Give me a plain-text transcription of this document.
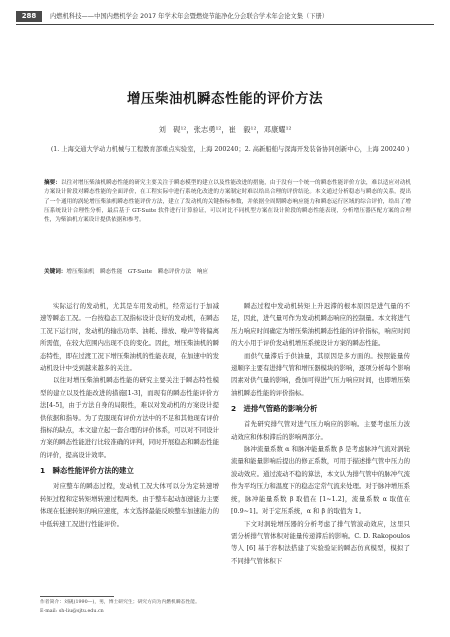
288	内燃机科技——中国内燃机学会 2017 年学术年会暨燃烧节能净化分会联合学术年会论文集（下册）
增压柴油机瞬态性能的评价方法
刘　砚¹²，张志勇¹²，崔　毅¹²，邓康耀¹²
(1. 上海交通大学动力机械与工程教育部重点实验室，上海 200240；2. 高新船舶与深海开发装备协同创新中心，上海 200240 )
摘要：以往对增压柴油机瞬态性能的研究主要关注于瞬态模型的建立以及性能改进的措施，由于没有一个统一的瞬态性能评价方法，难以适应对动机方案设计阶段对瞬态性能的全面评价，在工程实际中进行系统化改进的方案制定时难以给出合理的评价结论。本文通过分析稳态与瞬态的关系，提出了一个通用的涡轮增压柴油机瞬态性能评价方法，建立了发动机的关键指标参数，并依据全周期瞬态响应能力和瞬态运行区域的综合评价，给出了增压系统设计合理性分析，最后基于 GT-Suite 软件进行计算验证，可以对比不同机型方案在设计阶段的瞬态性能表现，分析增压器匹配方案的合理性，为柴油机方案设计提供依据和参考。
关键词：增压柴油机　瞬态性能　GT-Suite　瞬态评价方法　响应

实际运行的发动机，尤其是车用发动机，经常运行于加减速等瞬态工况。一台按稳态工况指标设计良好的发动机，在瞬态工况下运行时，发动机的输出功率、油耗、排放、噪声等将偏离所需值，在较大范围内出现不良的变化。因此，增压柴油机的瞬态特性，即在过渡工况下增压柴油机的性能表现，在加速中的发动机设计中受到越来越多的关注。

以往对增压柴油机瞬态性能的研究主要关注于瞬态特性模型的建立以及性能改进的措施[1-3]，而现有的瞬态性能评价方法[4-5]，由于方法自身的局限性，难以对发动机的方案设计提供依据和指导。为了克服现有评价方法中的不足和其他现有评价指标的缺点，本文建立起一套合理的评价体系，可以对不同设计方案的瞬态性能进行比较准确的评判，同时开展稳态和瞬态性能的评价，提高设计效率。

1　瞬态性能评价方法的建立

对应整车的瞬态过程，发动机工况大体可以分为定转速增转矩过程和定转矩增转速过程两类。由于整车起动加速能力主要体现在低速转矩的响应速度，本文选择最能反映整车加速能力的中低转速工况进行性能评价。

瞬态过程中发动机转矩上升迟滞的根本原因是进气量的不足，因此，进气量可作为发动机瞬态响应的控制量。本文将进气压力响应时间确定为增压柴油机瞬态性能的评价指标，响应时间的大小用于评价发动机增压系统设计方案的瞬态性能。

而供气量滞后于供油量，其原因是多方面的。按照能量传递顺序主要有进排气管和增压器模块的影响，逐项分析每个影响因素对供气量的影响，叠加可得进气压力响应时间，也即增压柴油机瞬态性能的评价指标。

2　进排气管路的影响分析

首先研究排气管对进气压力响应的影响。主要考虑压力波动效应和体积滞后的影响两部分。

脉冲流量系数 α 和脉冲能量系数 β 是考虑脉冲气流对涡轮流量和能量影响后提出的修正系数，可用于描述排气管中压力的波动效应。通过流动不稳的算法，本文认为排气管中的脉冲气流作为平均压力和温度下的稳态定常气流来处理。对于脉冲增压系统，脉冲能量系数 β 取值在 [1~1.2]，流量系数 α 取值在 [0.9~1]。对于定压系统，α 和 β 的取值为 1。

下文对涡轮增压器的分析考虑了排气管波动效应，这里只需分析排气管体积对能量传递滞后的影响。C. D. Rakopoulos 等人 [6] 基于容积法搭建了实验验证的瞬态仿真模型，模拟了不同排气管体积下

作者简介：刘砚(1990—)，男，博士研究生；研究方向为内燃机瞬态性能。
E-mail: sh-liu@sjtu.edu.cn
